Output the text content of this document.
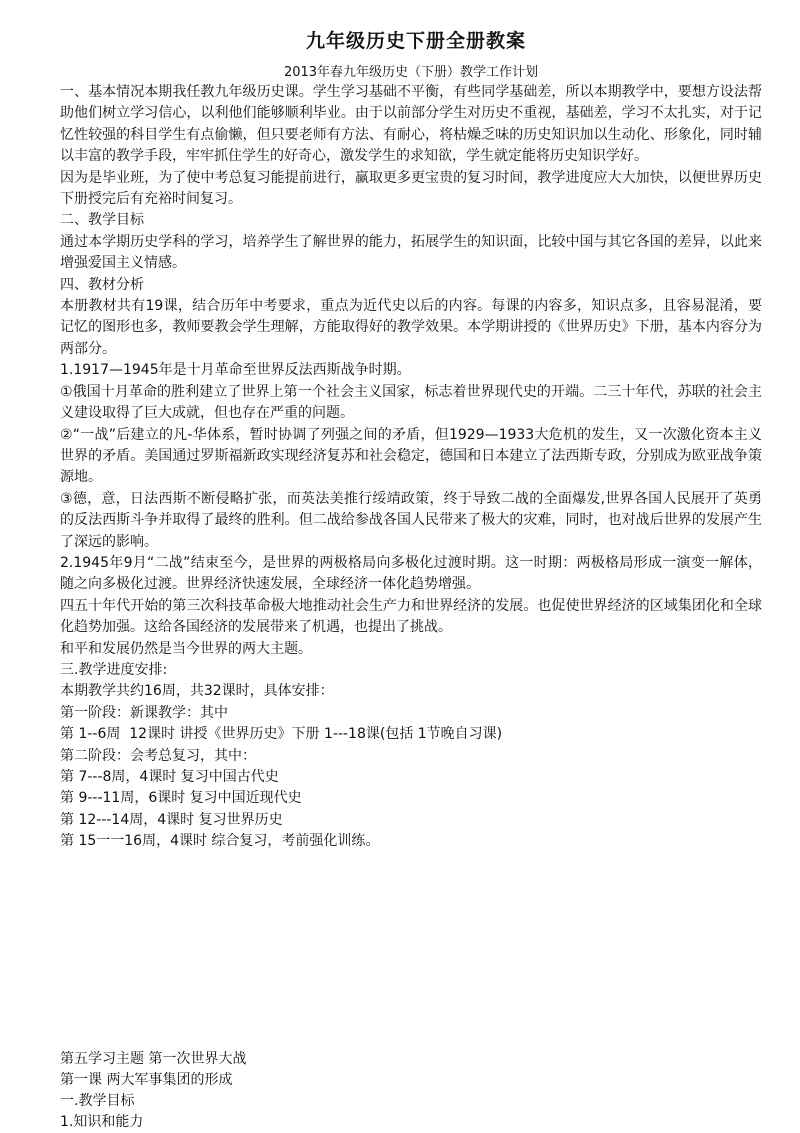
九年级历史下册全册教案

2013年春九年级历史（下册）教学工作计划

一、基本情况本期我任教九年级历史课。学生学习基础不平衡，有些同学基础差，所以本期教学中，要想方设法帮助他们树立学习信心，以利他们能够顺利毕业。由于以前部分学生对历史不重视，基础差，学习不太扎实，对于记忆性较强的科目学生有点偷懒，但只要老师有方法、有耐心，将枯燥乏味的历史知识加以生动化、形象化，同时辅以丰富的教学手段，牢牢抓住学生的好奇心，激发学生的求知欲，学生就定能将历史知识学好。

因为是毕业班，为了使中考总复习能提前进行，赢取更多更宝贵的复习时间，教学进度应大大加快，以便世界历史下册授完后有充裕时间复习。

二、教学目标

通过本学期历史学科的学习，培养学生了解世界的能力，拓展学生的知识面，比较中国与其它各国的差异，以此来增强爱国主义情感。

四、教材分析

本册教材共有19课，结合历年中考要求，重点为近代史以后的内容。每课的内容多，知识点多，且容易混淆，要记忆的图形也多，教师要教会学生理解，方能取得好的教学效果。本学期讲授的《世界历史》下册，基本内容分为两部分。

1.1917—1945年是十月革命至世界反法西斯战争时期。

①俄国十月革命的胜利建立了世界上第一个社会主义国家，标志着世界现代史的开端。二三十年代，苏联的社会主义建设取得了巨大成就，但也存在严重的问题。

②“一战”后建立的凡-华体系，暂时协调了列强之间的矛盾，但1929—1933大危机的发生，又一次激化资本主义世界的矛盾。美国通过罗斯福新政实现经济复苏和社会稳定，德国和日本建立了法西斯专政，分别成为欧亚战争策源地。

③德，意，日法西斯不断侵略扩张，而英法美推行绥靖政策，终于导致二战的全面爆发,世界各国人民展开了英勇的反法西斯斗争并取得了最终的胜利。但二战给参战各国人民带来了极大的灾难，同时，也对战后世界的发展产生了深远的影响。

2.1945年9月“二战”结束至今，是世界的两极格局向多极化过渡时期。这一时期：两极格局形成一演变一解体，随之向多极化过渡。世界经济快速发展，全球经济一体化趋势增强。

四五十年代开始的第三次科技革命极大地推动社会生产力和世界经济的发展。也促使世界经济的区域集团化和全球化趋势加强。这给各国经济的发展带来了机遇，也提出了挑战。

和平和发展仍然是当今世界的两大主题。

三.教学进度安排:

本期教学共约16周，共32课时，具体安排：

第一阶段：新课教学：其中

第 1--6周  12课时 讲授《世界历史》下册 1---18课(包括 1节晚自习课)

第二阶段：会考总复习，其中：

第 7---8周，4课时 复习中国古代史

第 9---11周，6课时 复习中国近现代史

第 12---14周，4课时 复习世界历史

第 15一一16周，4课时 综合复习，考前强化训练。

第五学习主题 第一次世界大战

第一课 两大军事集团的形成

一.教学目标

1.知识和能力
